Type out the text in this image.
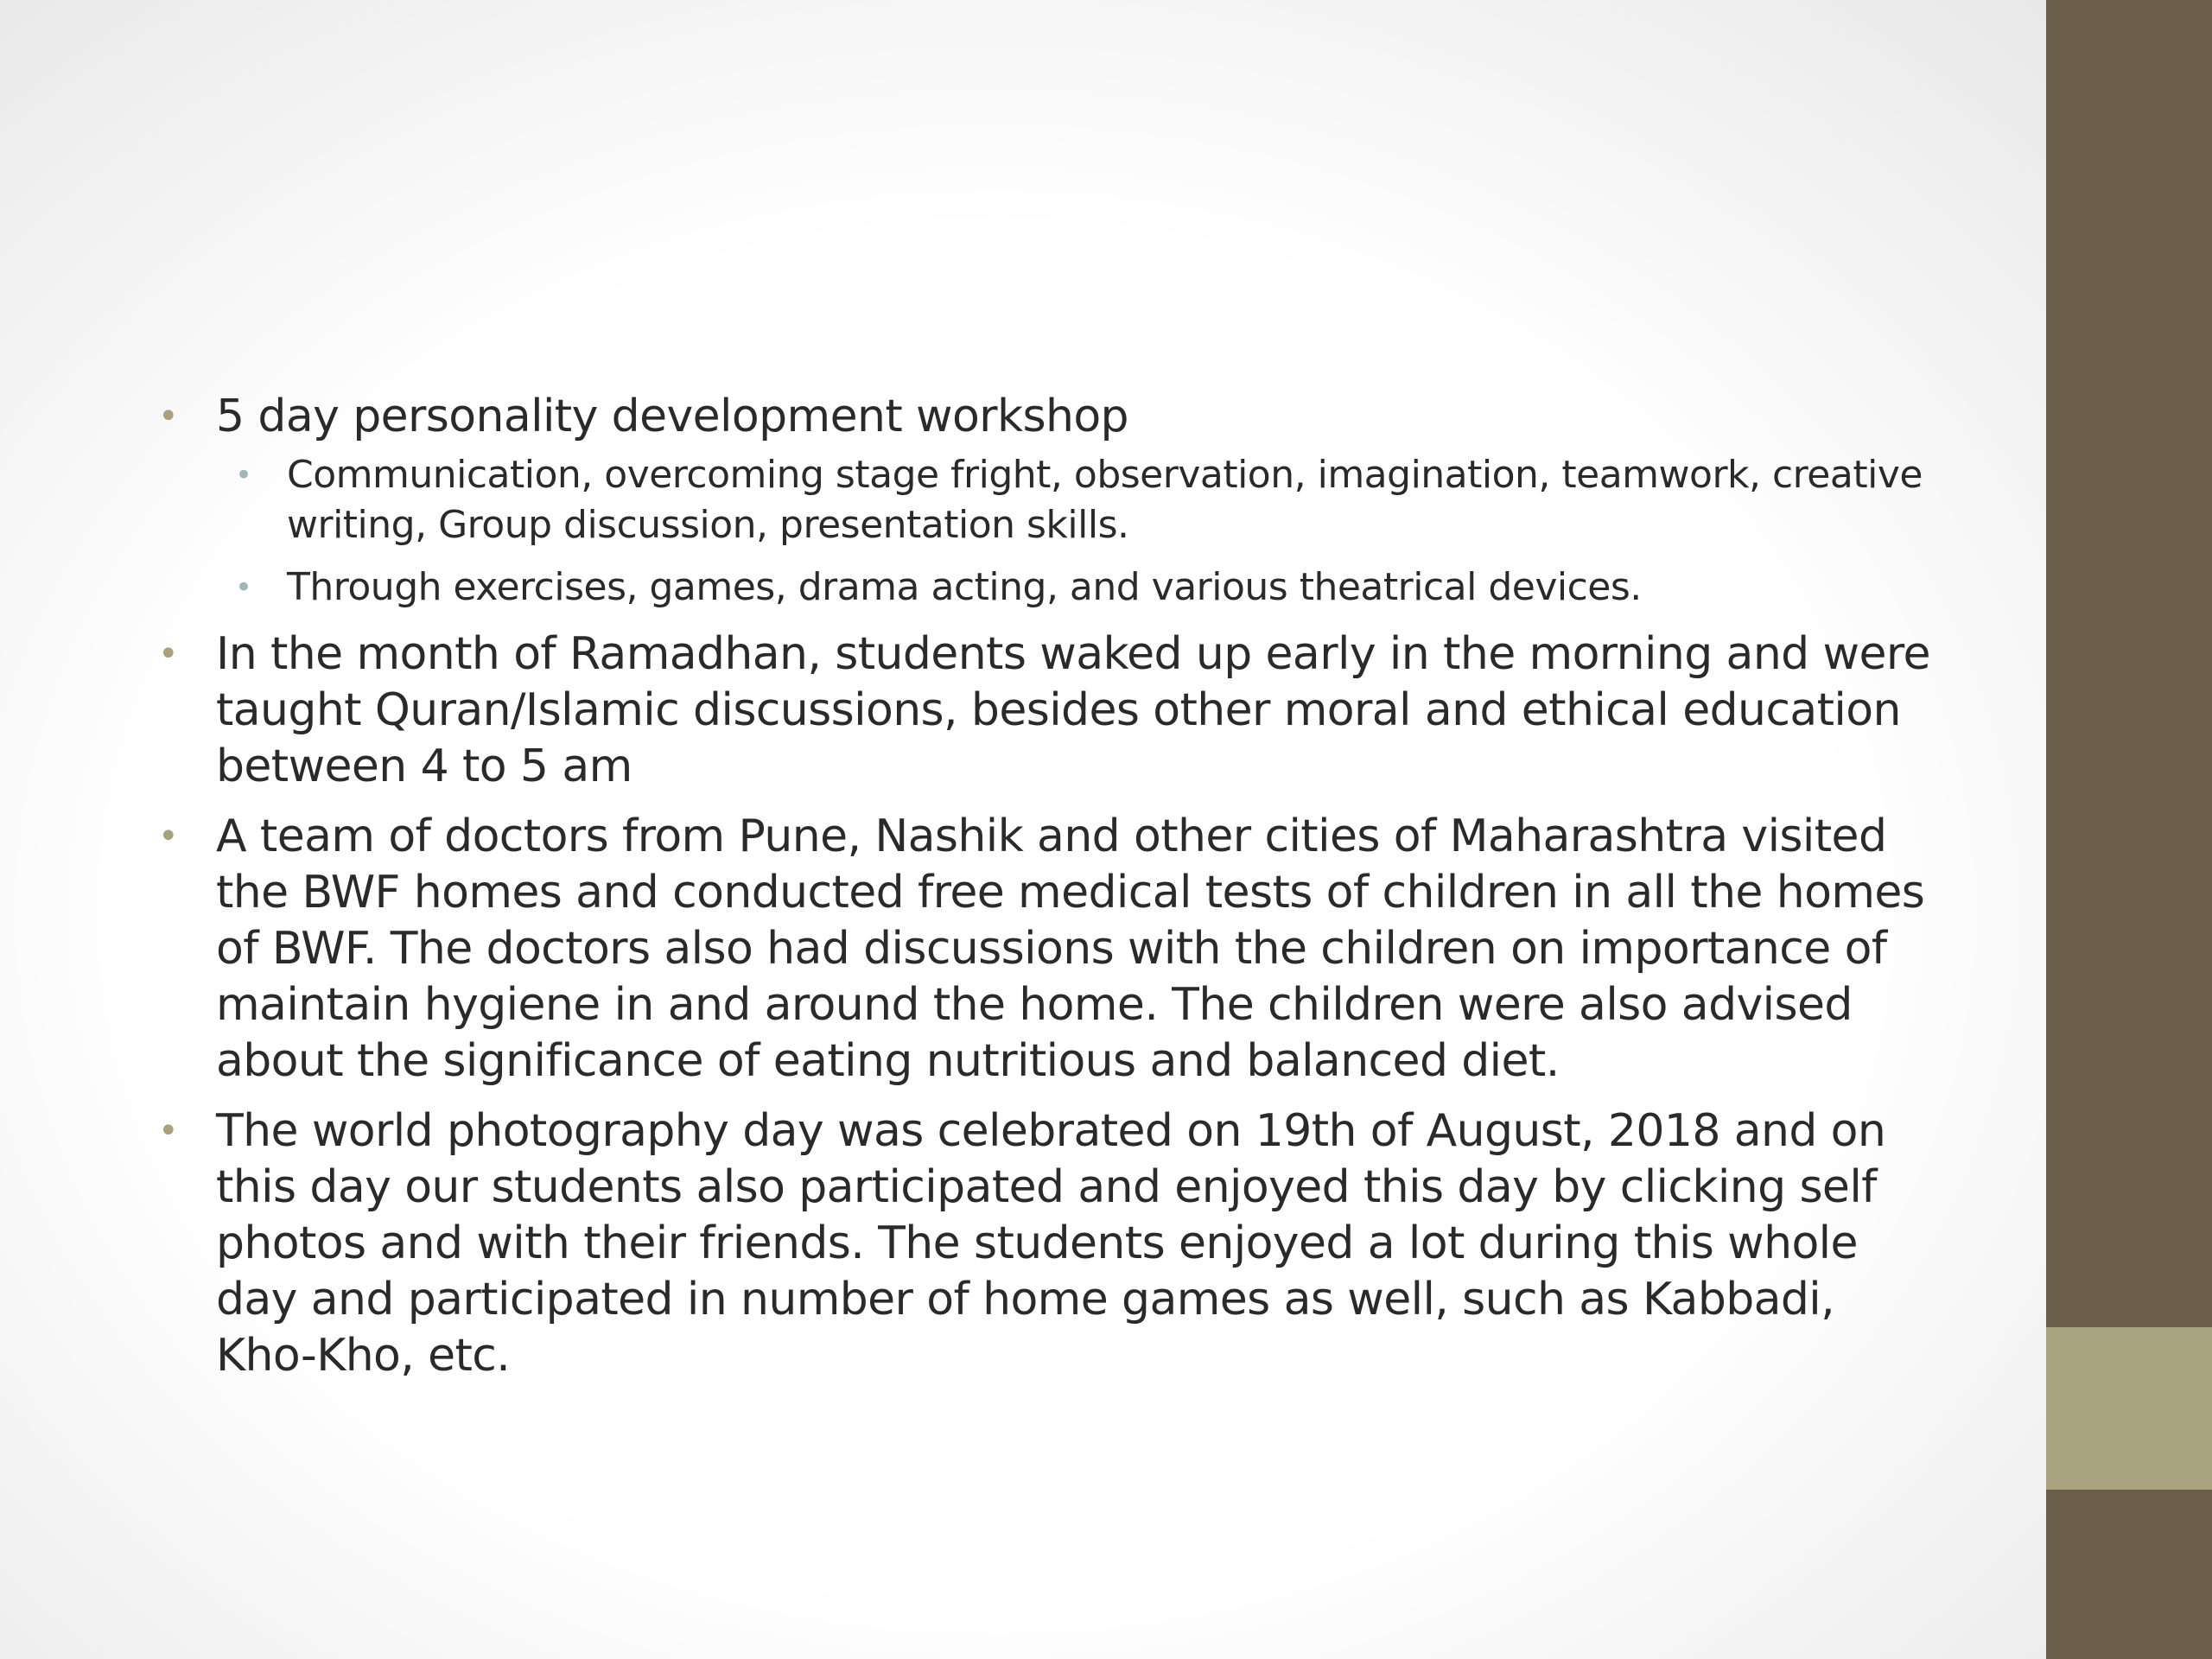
• 5 day personality development workshop
• Communication, overcoming stage fright, observation, imagination, teamwork, creative writing, Group discussion, presentation skills.
• Through exercises, games, drama acting, and various theatrical devices.
• In the month of Ramadhan, students waked up early in the morning and were taught Quran/Islamic discussions, besides other moral and ethical education between 4 to 5 am
• A team of doctors from Pune, Nashik and other cities of Maharashtra visited the BWF homes and conducted free medical tests of children in all the homes of BWF. The doctors also had discussions with the children on importance of maintain hygiene in and around the home. The children were also advised about the significance of eating nutritious and balanced diet.
• The world photography day was celebrated on 19th of August, 2018 and on this day our students also participated and enjoyed this day by clicking self photos and with their friends. The students enjoyed a lot during this whole day and participated in number of home games as well, such as Kabbadi, Kho-Kho, etc.
